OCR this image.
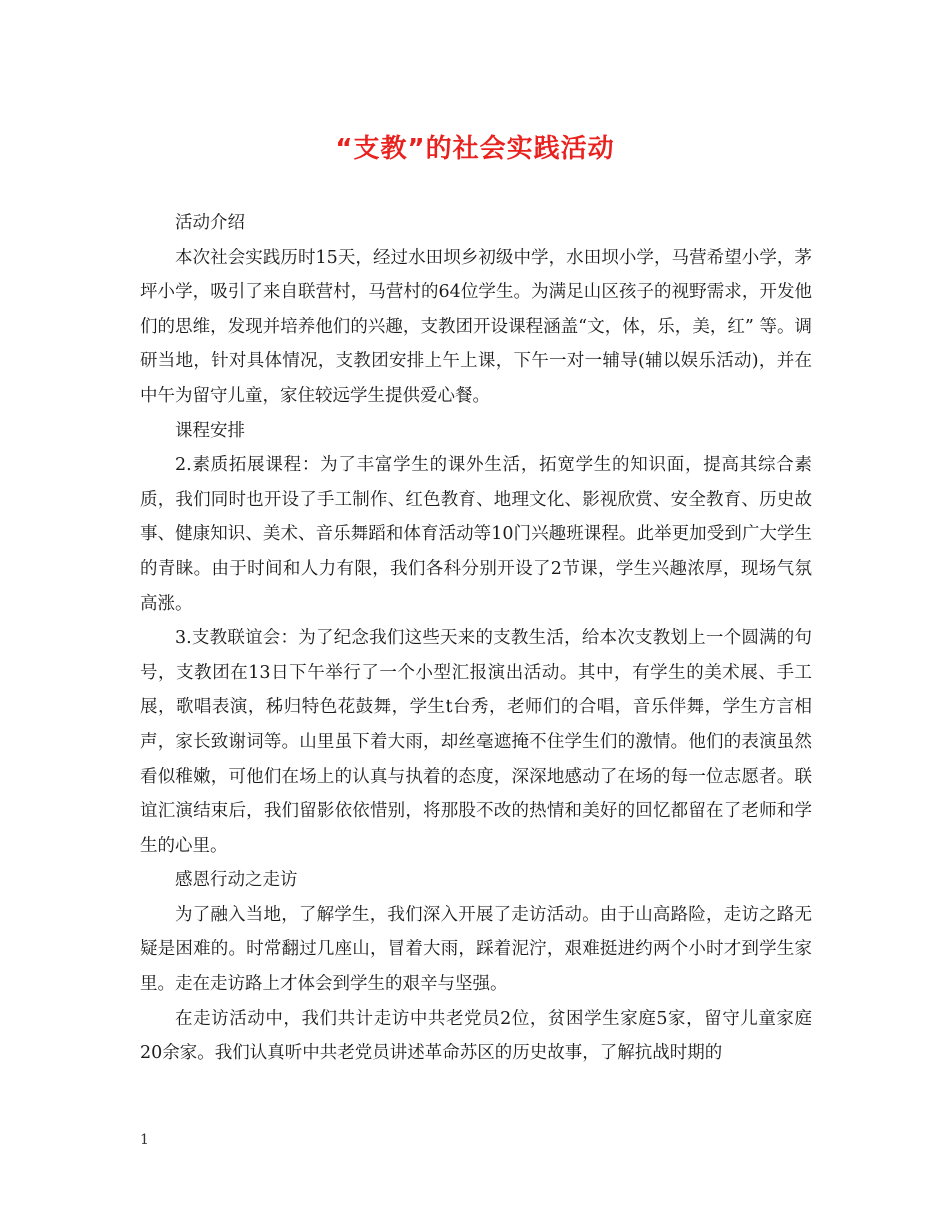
“支教”的社会实践活动

活动介绍

本次社会实践历时15天，经过水田坝乡初级中学，水田坝小学，马营希望小学，茅坪小学，吸引了来自联营村，马营村的64位学生。为满足山区孩子的视野需求，开发他们的思维，发现并培养他们的兴趣，支教团开设课程涵盖“文，体，乐，美，红” 等。调研当地，针对具体情况，支教团安排上午上课，下午一对一辅导(辅以娱乐活动)，并在中午为留守儿童，家住较远学生提供爱心餐。

课程安排

2.素质拓展课程：为了丰富学生的课外生活，拓宽学生的知识面，提高其综合素质，我们同时也开设了手工制作、红色教育、地理文化、影视欣赏、安全教育、历史故事、健康知识、美术、音乐舞蹈和体育活动等10门兴趣班课程。此举更加受到广大学生的青睐。由于时间和人力有限，我们各科分别开设了2节课，学生兴趣浓厚，现场气氛高涨。

3.支教联谊会：为了纪念我们这些天来的支教生活，给本次支教划上一个圆满的句号，支教团在13日下午举行了一个小型汇报演出活动。其中，有学生的美术展、手工展，歌唱表演，秭归特色花鼓舞，学生t台秀，老师们的合唱，音乐伴舞，学生方言相声，家长致谢词等。山里虽下着大雨，却丝毫遮掩不住学生们的激情。他们的表演虽然看似稚嫩，可他们在场上的认真与执着的态度，深深地感动了在场的每一位志愿者。联谊汇演结束后，我们留影依依惜别，将那股不改的热情和美好的回忆都留在了老师和学生的心里。

感恩行动之走访

为了融入当地，了解学生，我们深入开展了走访活动。由于山高路险，走访之路无疑是困难的。时常翻过几座山，冒着大雨，踩着泥泞，艰难挺进约两个小时才到学生家里。走在走访路上才体会到学生的艰辛与坚强。

在走访活动中，我们共计走访中共老党员2位，贫困学生家庭5家，留守儿童家庭20余家。我们认真听中共老党员讲述革命苏区的历史故事，了解抗战时期的

1
